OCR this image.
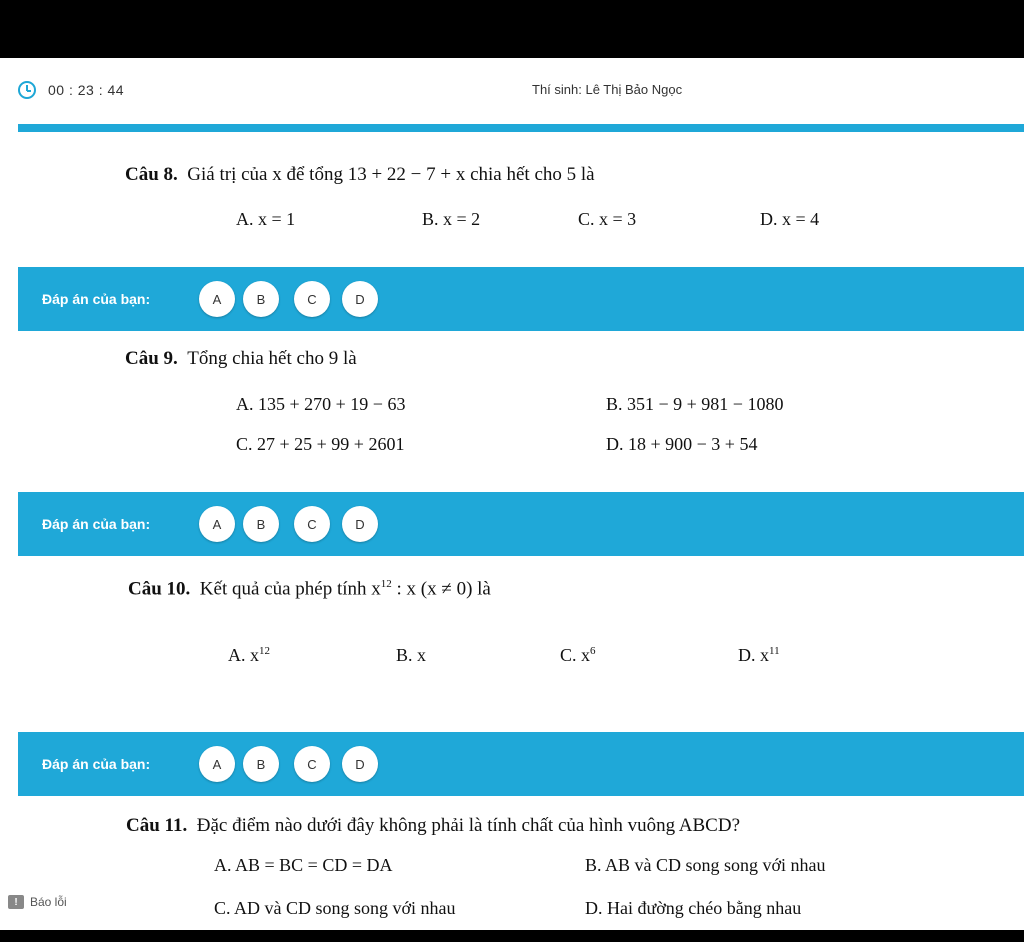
00 : 23 : 44	Thí sinh: Lê Thị Bảo Ngọc
Câu 8. Giá trị của x để tổng 13 + 22 − 7 + x chia hết cho 5 là
A. x = 1	B. x = 2	C. x = 3	D. x = 4
Đáp án của bạn:	A	B	C	D
Câu 9. Tổng chia hết cho 9 là
A. 135 + 270 + 19 − 63	B. 351 − 9 + 981 − 1080
C. 27 + 25 + 99 + 2601	D. 18 + 900 − 3 + 54
Đáp án của bạn:	A	B	C	D
Câu 10. Kết quả của phép tính $x^{12}$ : x (x ≠ 0) là
A. $x^{12}$	B. x	C. $x^6$	D. $x^{11}$
Đáp án của bạn:	A	B	C	D
Câu 11. Đặc điểm nào dưới đây không phải là tính chất của hình vuông ABCD?
A. AB = BC = CD = DA	B. AB và CD song song với nhau
C. AD và CD song song với nhau	D. Hai đường chéo bằng nhau
!	Báo lỗi
